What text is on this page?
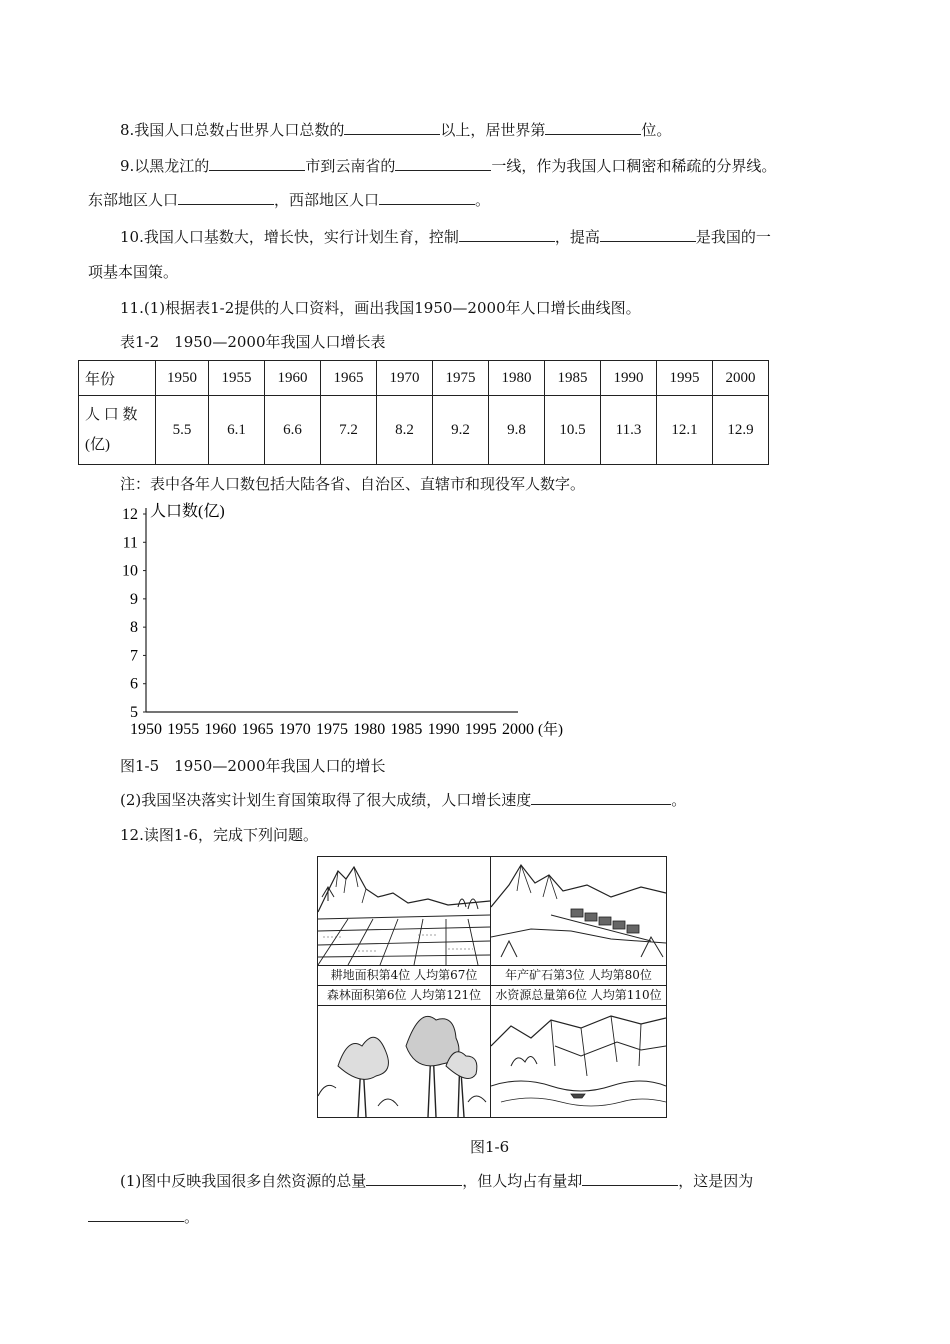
8.我国人口总数占世界人口总数的	以上，居世界第	位。
9.以黑龙江的	市到云南省的	一线，作为我国人口稠密和稀疏的分界线。
东部地区人口	，西部地区人口	。
10.我国人口基数大，增长快，实行计划生育，控制	，提高	是我国的一
项基本国策。
11.(1)根据表1-2提供的人口资料，画出我国1950—2000年人口增长曲线图。
表1-2　1950—2000年我国人口增长表
年份	1950	1955	1960	1965	1970	1975	1980	1985	1990	1995	2000

人 口 数
(亿)	5.5	6.1	6.6	7.2	8.2	9.2	9.8	10.5	11.3	12.1	12.9
注：表中各年人口数包括大陆各省、自治区、直辖市和现役军人数字。
5
6
7
8
9
10
11
12
1950 1955 1960 1965 1970 1975 1980 1985 1990 1995 2000
人口数(亿)
(年)
图1-5　1950—2000年我国人口的增长
(2)我国坚决落实计划生育国策取得了很大成绩，人口增长速度	。
12.读图1-6，完成下列问题。
耕地面积第4位 人均第67位	年产矿石第3位 人均第80位
森林面积第6位 人均第121位	水资源总量第6位 人均第110位
图1-6
(1)图中反映我国很多自然资源的总量	，但人均占有量却	，这是因为
。
